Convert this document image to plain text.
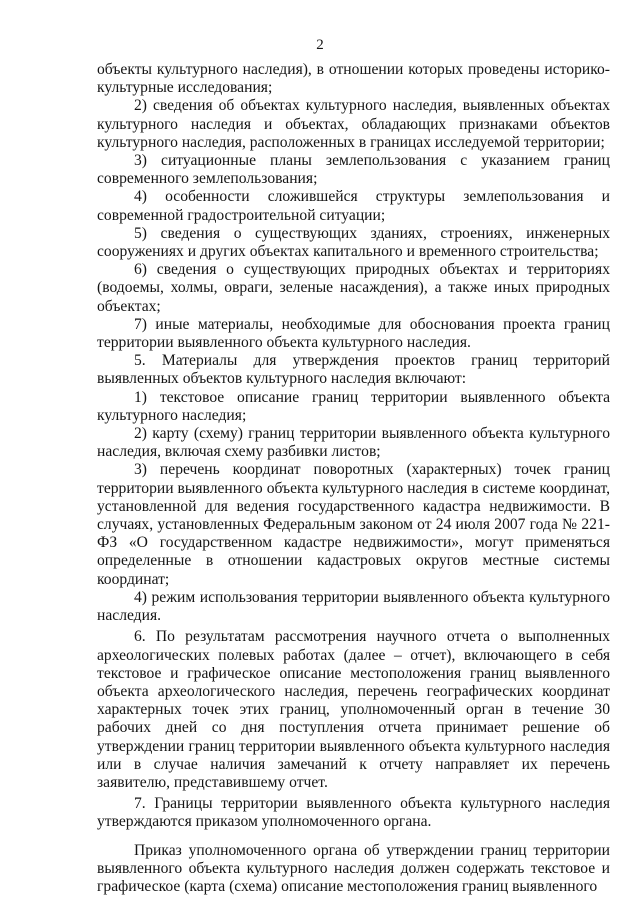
2

объекты культурного наследия), в отношении которых проведены историко-культурные исследования;

2) сведения об объектах культурного наследия, выявленных объектах культурного наследия и объектах, обладающих признаками объектов культурного наследия, расположенных в границах исследуемой территории;

3) ситуационные планы землепользования с указанием границ современного землепользования;

4) особенности сложившейся структуры землепользования и современной градостроительной ситуации;

5) сведения о существующих зданиях, строениях, инженерных сооружениях и других объектах капитального и временного строительства;

6) сведения о существующих природных объектах и территориях (водоемы, холмы, овраги, зеленые насаждения), а также иных природных объектах;

7) иные материалы, необходимые для обоснования проекта границ территории выявленного объекта культурного наследия.

5. Материалы для утверждения проектов границ территорий выявленных объектов культурного наследия включают:

1) текстовое описание границ территории выявленного объекта культурного наследия;

2) карту (схему) границ территории выявленного объекта культурного наследия, включая схему разбивки листов;

3) перечень координат поворотных (характерных) точек границ территории выявленного объекта культурного наследия в системе координат, установленной для ведения государственного кадастра недвижимости. В случаях, установленных Федеральным законом от 24 июля 2007 года № 221-ФЗ «О государственном кадастре недвижимости», могут применяться определенные в отношении кадастровых округов местные системы координат;

4) режим использования территории выявленного объекта культурного наследия.

6. По результатам рассмотрения научного отчета о выполненных археологических полевых работах (далее – отчет), включающего в себя текстовое и графическое описание местоположения границ выявленного объекта археологического наследия, перечень географических координат характерных точек этих границ, уполномоченный орган в течение 30 рабочих дней со дня поступления отчета принимает решение об утверждении границ территории выявленного объекта культурного наследия или в случае наличия замечаний к отчету направляет их перечень заявителю, представившему отчет.

7. Границы территории выявленного объекта культурного наследия утверждаются приказом уполномоченного органа.

Приказ уполномоченного органа об утверждении границ территории выявленного объекта культурного наследия должен содержать текстовое и графическое (карта (схема) описание местоположения границ выявленного
